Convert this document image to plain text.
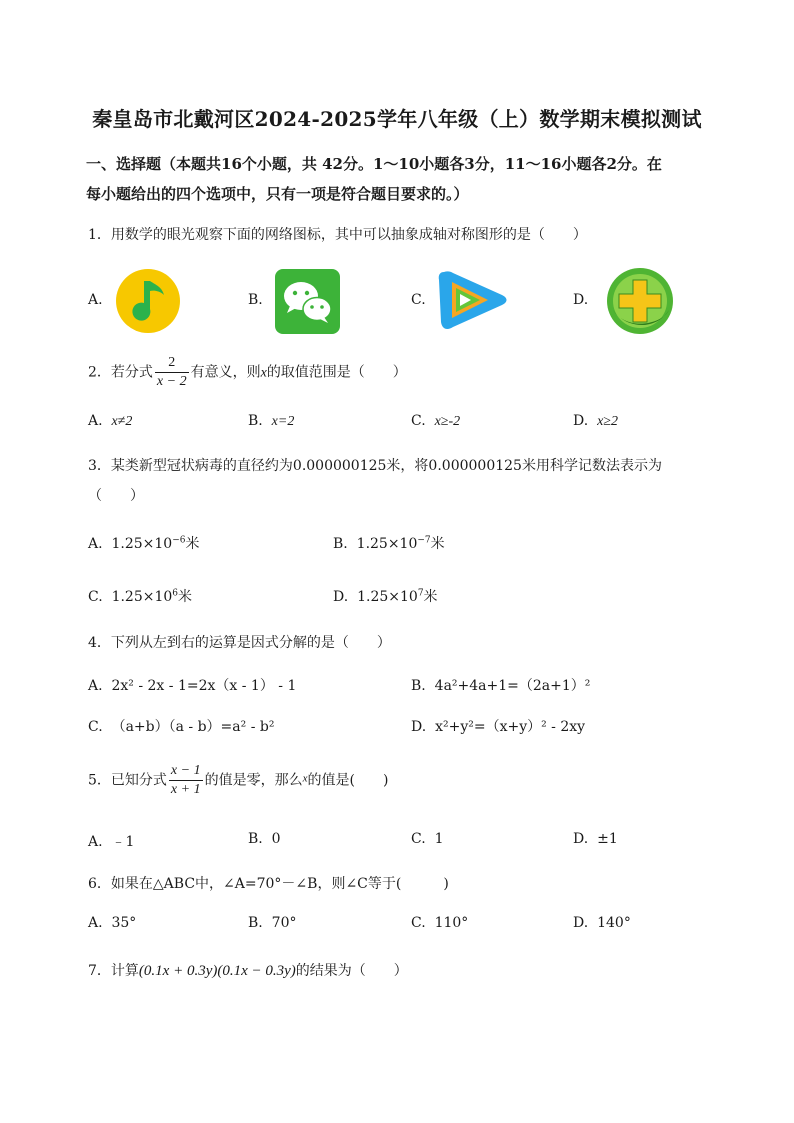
秦皇岛市北戴河区2024-2025学年八年级（上）数学期末模拟测试
一、选择题（本题共16个小题，共 42分。1～10小题各3分，11～16小题各2分。在
每小题给出的四个选项中，只有一项是符合题目要求的。）
1．用数学的眼光观察下面的网络图标，其中可以抽象成轴对称图形的是（　　）
A.	B.	C.	D.
2．若分式 $\frac{2}{x - 2}$ 有意义，则x的取值范围是（　　）
A. x≠2	B. x=2	C. x≥-2	D. x≥2
3．某类新型冠状病毒的直径约为0.000000125米，将0.000000125米用科学记数法表示为
（　　）
A. $1.25\times 10^{-6}$米	B. $1.25\times 10^{-7}$米
C. $1.25\times 10^6$米	D. $1.25\times 10^7$米
4．下列从左到右的运算是因式分解的是（　　）
A. 2x² - 2x - 1=2x（x - 1） - 1	B. 4a²+4a+1=（2a+1）²
C. （a+b）（a - b）=a² - b²	D. x²+y²=（x+y）² - 2xy
5．已知分式 $\frac{x - 1}{x + 1}$ 的值是零，那么$^x$的值是(　　)
A. ﹣1	B. 0	C. 1	D. ±1
6．如果在△ABC中，∠A=70°－∠B，则∠C等于(　　　)
A. 35°	B. 70°	C. 110°	D. 140°
7．计算(0.1x + 0.3y)(0.1x − 0.3y)的结果为（　　）
